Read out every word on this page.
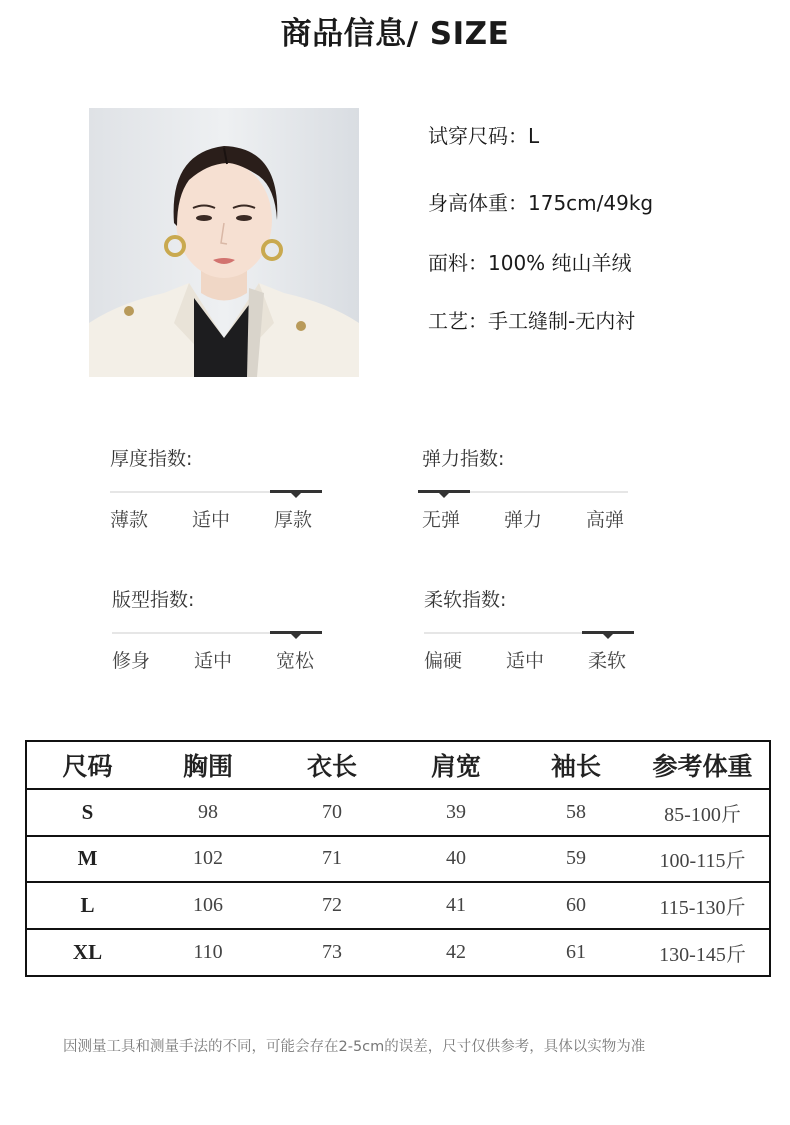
商品信息/ SIZE
试穿尺码：L
身高体重：175cm/49kg
面料：100% 纯山羊绒
工艺：手工缝制-无内衬
厚度指数:
薄款 适中 厚款
弹力指数:
无弹 弹力 高弹
版型指数:
修身 适中 宽松
柔软指数:
偏硬 适中 柔软
尺码	胸围	衣长	肩宽	袖长	参考体重
S	98	70	39	58	85-100斤
M	102	71	40	59	100-115斤
L	106	72	41	60	115-130斤
XL	110	73	42	61	130-145斤
因测量工具和测量手法的不同，可能会存在2-5cm的误差，尺寸仅供参考，具体以实物为准
